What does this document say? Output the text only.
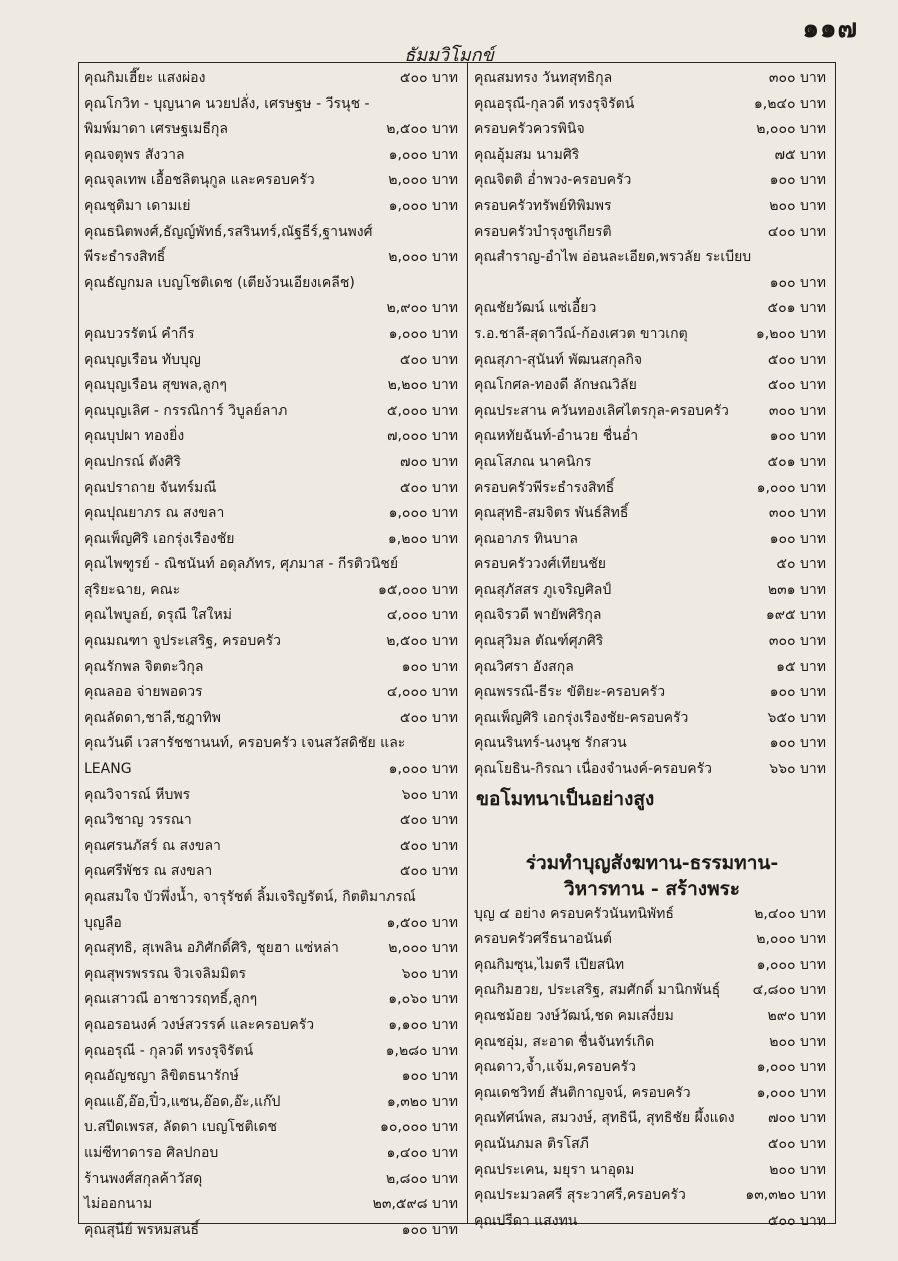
๑๑๗
ธัมมวิโมกข์
คุณกิมเฮี๊ยะ แสงผ่อง	๕๐๐ บาท
คุณโกวิท - บุญนาค นวยปลั่ง, เศรษฐษ - วีรนุช -
พิมพ์มาดา เศรษฐเมธีกุล	๒,๕๐๐ บาท
คุณจตุพร สังวาล	๑,๐๐๐ บาท
คุณจุลเทพ เอื้อชลิตนุกูล และครอบครัว	๒,๐๐๐ บาท
คุณชุติมา เดามเย่	๑,๐๐๐ บาท
คุณธนิตพงศ์,ธัญญ์พัทธ์,รสรินทร์,ณัฐธีร์,ฐานพงศ์
พีระธำรงสิทธิ์	๒,๐๐๐ บาท
คุณธัญกมล เบญโชติเดช (เตียง้วนเอียงเคลีช)
๒,๙๐๐ บาท
คุณบวรรัตน์ คำกีร	๑,๐๐๐ บาท
คุณบุญเรือน ทับบุญ	๕๐๐ บาท
คุณบุญเรือน สุขพล,ลูกๆ	๒,๒๐๐ บาท
คุณบุญเลิศ - กรรณิการ์ วิบูลย์ลาภ	๕,๐๐๐ บาท
คุณบุปผา ทองยิ่ง	๗,๐๐๐ บาท
คุณปกรณ์ ตังศิริ	๗๐๐ บาท
คุณปราถาย จันทร์มณี	๕๐๐ บาท
คุณปุณยาภร ณ สงขลา	๑,๐๐๐ บาท
คุณเพ็ญศิริ เอกรุ่งเรืองชัย	๑,๒๐๐ บาท
คุณไพฑูรย์ - ณิชนันท์ อดุลภัทร, ศุภมาส - กีรติวนิชย์
สุริยะฉาย, คณะ	๑๕,๐๐๐ บาท
คุณไพบูลย์, ดรุณี ใสใหม่	๔,๐๐๐ บาท
คุณมณฑา จูประเสริฐ, ครอบครัว	๒,๕๐๐ บาท
คุณรักพล จิตตะวิกุล	๑๐๐ บาท
คุณลออ จ่ายพอดวร	๔,๐๐๐ บาท
คุณลัดดา,ชาลี,ชฎาทิพ	๕๐๐ บาท
คุณวันดี เวสารัชชานนท์, ครอบครัว เจนสวัสดิชัย และ
LEANG	๑,๐๐๐ บาท
คุณวิจารณ์ หีบพร	๖๐๐ บาท
คุณวิชาญ วรรณา	๕๐๐ บาท
คุณศรนภัสร์ ณ สงขลา	๕๐๐ บาท
คุณศรีพัชร ณ สงขลา	๕๐๐ บาท
คุณสมใจ บัวพึ่งน้ำ, จารุรัชต์ ลิ้มเจริญรัตน์, กิตติมาภรณ์
บุญลือ	๑,๕๐๐ บาท
คุณสุทธิ, สุเพลิน อภิศักดิ์ศิริ, ชุยฮา แซ่หล่า	๒,๐๐๐ บาท
คุณสุพรพรรณ จิวเจลิมมิตร	๖๐๐ บาท
คุณเสาวณี อาชาวรฤทธิ์,ลูกๆ	๑,๐๖๐ บาท
คุณอรอนงค์ วงษ์สวรรค์ และครอบครัว	๑,๑๐๐ บาท
คุณอรุณี - กุลวดี ทรงรุจิรัตน์	๑,๒๘๐ บาท
คุณอัญชญา ลิขิตธนารักษ์	๑๐๐ บาท
คุณแอ๊,อ๊อ,ปิ๋ว,แซน,อ๊อด,อ๊ะ,แก๊ป	๑,๓๒๐ บาท
บ.สปีดเพรส, ลัดดา เบญโชติเดช	๑๐,๐๐๐ บาท
แม่ซีทาดารอ ศิลปกอบ	๑,๔๐๐ บาท
ร้านพงศ์สกุลค้าวัสดุ	๒,๘๐๐ บาท
ไม่ออกนาม	๒๓,๕๙๘ บาท
คุณสุนีย์ พรหมสนธิ์	๑๐๐ บาท
คุณสมทรง วันทสุทธิกุล	๓๐๐ บาท
คุณอรุณี-กุลวดี ทรงรุจิรัตน์	๑,๒๔๐ บาท
ครอบครัวควรพินิจ	๒,๐๐๐ บาท
คุณอุ้มสม นามศิริ	๗๕ บาท
คุณจิตติ อ่ำพวง-ครอบครัว	๑๐๐ บาท
ครอบครัวทรัพย์ทิพิมพร	๒๐๐ บาท
ครอบครัวบำรุงชูเกียรติ	๔๐๐ บาท
คุณสำราญ-อำไพ อ่อนละเอียด,พรวลัย ระเบียบ
๑๐๐ บาท
คุณชัยวัฒน์ แซ่เอี้ยว	๕๐๑ บาท
ร.อ.ชาลี-สุดาวีณ์-ก้องเศวต ขาวเกตุ	๑,๒๐๐ บาท
คุณสุภา-สุนันท์ พัฒนสกุลกิจ	๕๐๐ บาท
คุณโกศล-ทองดี ลักษณวิลัย	๕๐๐ บาท
คุณประสาน ควันทองเลิศไตรกุล-ครอบครัว	๓๐๐ บาท
คุณหทัยฉันท์-อำนวย ชื่นอ่ำ	๑๐๐ บาท
คุณโสภณ นาคนิกร	๕๐๑ บาท
ครอบครัวพีระธำรงสิทธิ์	๑,๐๐๐ บาท
คุณสุทธิ-สมจิตร พันธ์สิทธิ์	๓๐๐ บาท
คุณอาภร ทินบาล	๑๐๐ บาท
ครอบครัววงศ์เทียนชัย	๕๐ บาท
คุณสุภัสสร ภูเจริญศิลป์	๒๓๑ บาท
คุณจิรวดี พายัพศิริกุล	๑๙๕ บาท
คุณสุวิมล ตัณฑ์ศุภศิริ	๓๐๐ บาท
คุณวิศรา อังสกุล	๑๕ บาท
คุณพรรณี-ธีระ ขัติยะ-ครอบครัว	๑๐๐ บาท
คุณเพ็ญศิริ เอกรุ่งเรืองชัย-ครอบครัว	๖๕๐ บาท
คุณนรินทร์-นงนุช รักสวน	๑๐๐ บาท
คุณโยธิน-กิรณา เนื่องจำนงค์-ครอบครัว	๖๖๐ บาท
ขอโมทนาเป็นอย่างสูง
ร่วมทำบุญสังฆทาน-ธรรมทาน-
วิหารทาน - สร้างพระ
บุญ ๔ อย่าง ครอบครัวนันทนิพัทธ์	๒,๔๐๐ บาท
ครอบครัวศรีธนาอนันต์	๒,๐๐๐ บาท
คุณกิมซุน,ไมตรี เปียสนิท	๑,๐๐๐ บาท
คุณกิมฮวย, ประเสริฐ, สมศักดิ์ มานิกพันธุ์ ๔,๘๐๐ บาท
คุณชม้อย วงษ์วัฒน์,ชด คมเสงี่ยม	๒๙๐ บาท
คุณชอุ่ม, สะอาด ชื่นจันทร์เกิด	๒๐๐ บาท
คุณดาว,จ้ำ,แจ้ม,ครอบครัว	๑,๐๐๐ บาท
คุณเดชวิทย์ สันติกาญจน์, ครอบครัว	๑,๐๐๐ บาท
คุณทัศน์พล, สมวงษ์, สุทธินี, สุทธิชัย ผึ้งแดง ๗๐๐ บาท
คุณนันภมล ติรโสภี	๕๐๐ บาท
คุณประเคน, มยุรา นาอุดม	๒๐๐ บาท
คุณประมวลศรี สุระวาศรี,ครอบครัว	๑๓,๓๒๐ บาท
คุณปรีดา แสงทน	๕๐๐ บาท
